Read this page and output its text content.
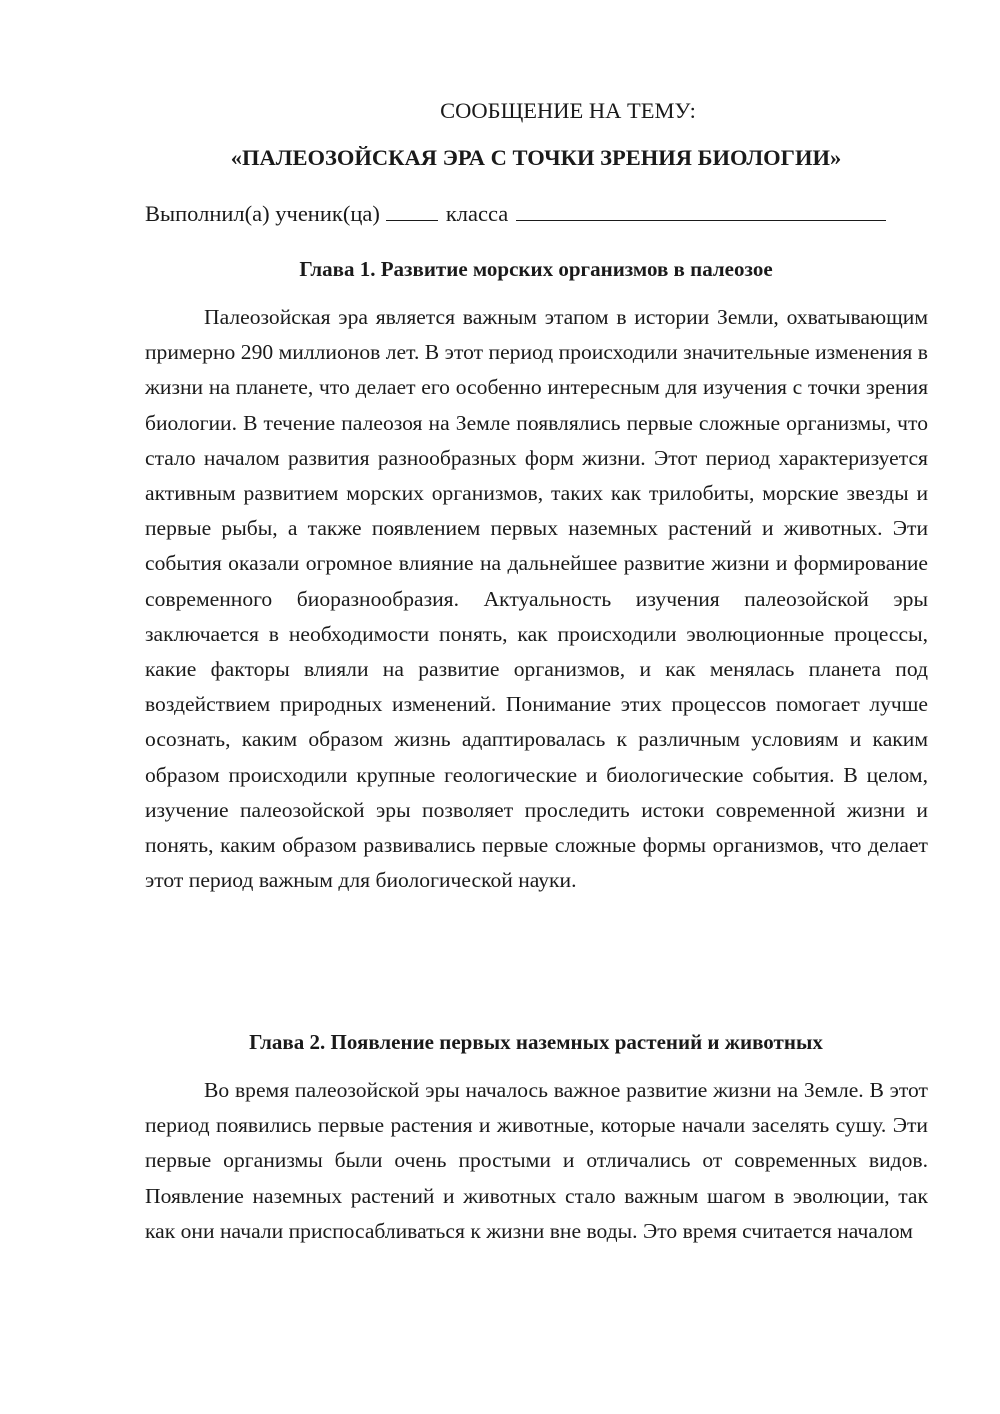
СООБЩЕНИЕ НА ТЕМУ:
«ПАЛЕОЗОЙСКАЯ ЭРА С ТОЧКИ ЗРЕНИЯ БИОЛОГИИ»
Выполнил(а) ученик(ца)	класса
Глава 1. Развитие морских организмов в палеозое

Палеозойская эра является важным этапом в истории Земли, охватывающим примерно 290 миллионов лет. В этот период происходили значительные изменения в жизни на планете, что делает его особенно интересным для изучения с точки зрения биологии. В течение палеозоя на Земле появлялись первые сложные организмы, что стало началом развития разнообразных форм жизни. Этот период характеризуется активным развитием морских организмов, таких как трилобиты, морские звезды и первые рыбы, а также появлением первых наземных растений и животных. Эти события оказали огромное влияние на дальнейшее развитие жизни и формирование современного биоразнообразия. Актуальность изучения палеозойской эры заключается в необходимости понять, как происходили эволюционные процессы, какие факторы влияли на развитие организмов, и как менялась планета под воздействием природных изменений. Понимание этих процессов помогает лучше осознать, каким образом жизнь адаптировалась к различным условиям и каким образом происходили крупные геологические и биологические события. В целом, изучение палеозойской эры позволяет проследить истоки современной жизни и понять, каким образом развивались первые сложные формы организмов, что делает этот период важным для биологической науки.

Глава 2. Появление первых наземных растений и животных

Во время палеозойской эры началось важное развитие жизни на Земле. В этот период появились первые растения и животные, которые начали заселять сушу. Эти первые организмы были очень простыми и отличались от современных видов. Появление наземных растений и животных стало важным шагом в эволюции, так как они начали приспосабливаться к жизни вне воды. Это время считается началом
